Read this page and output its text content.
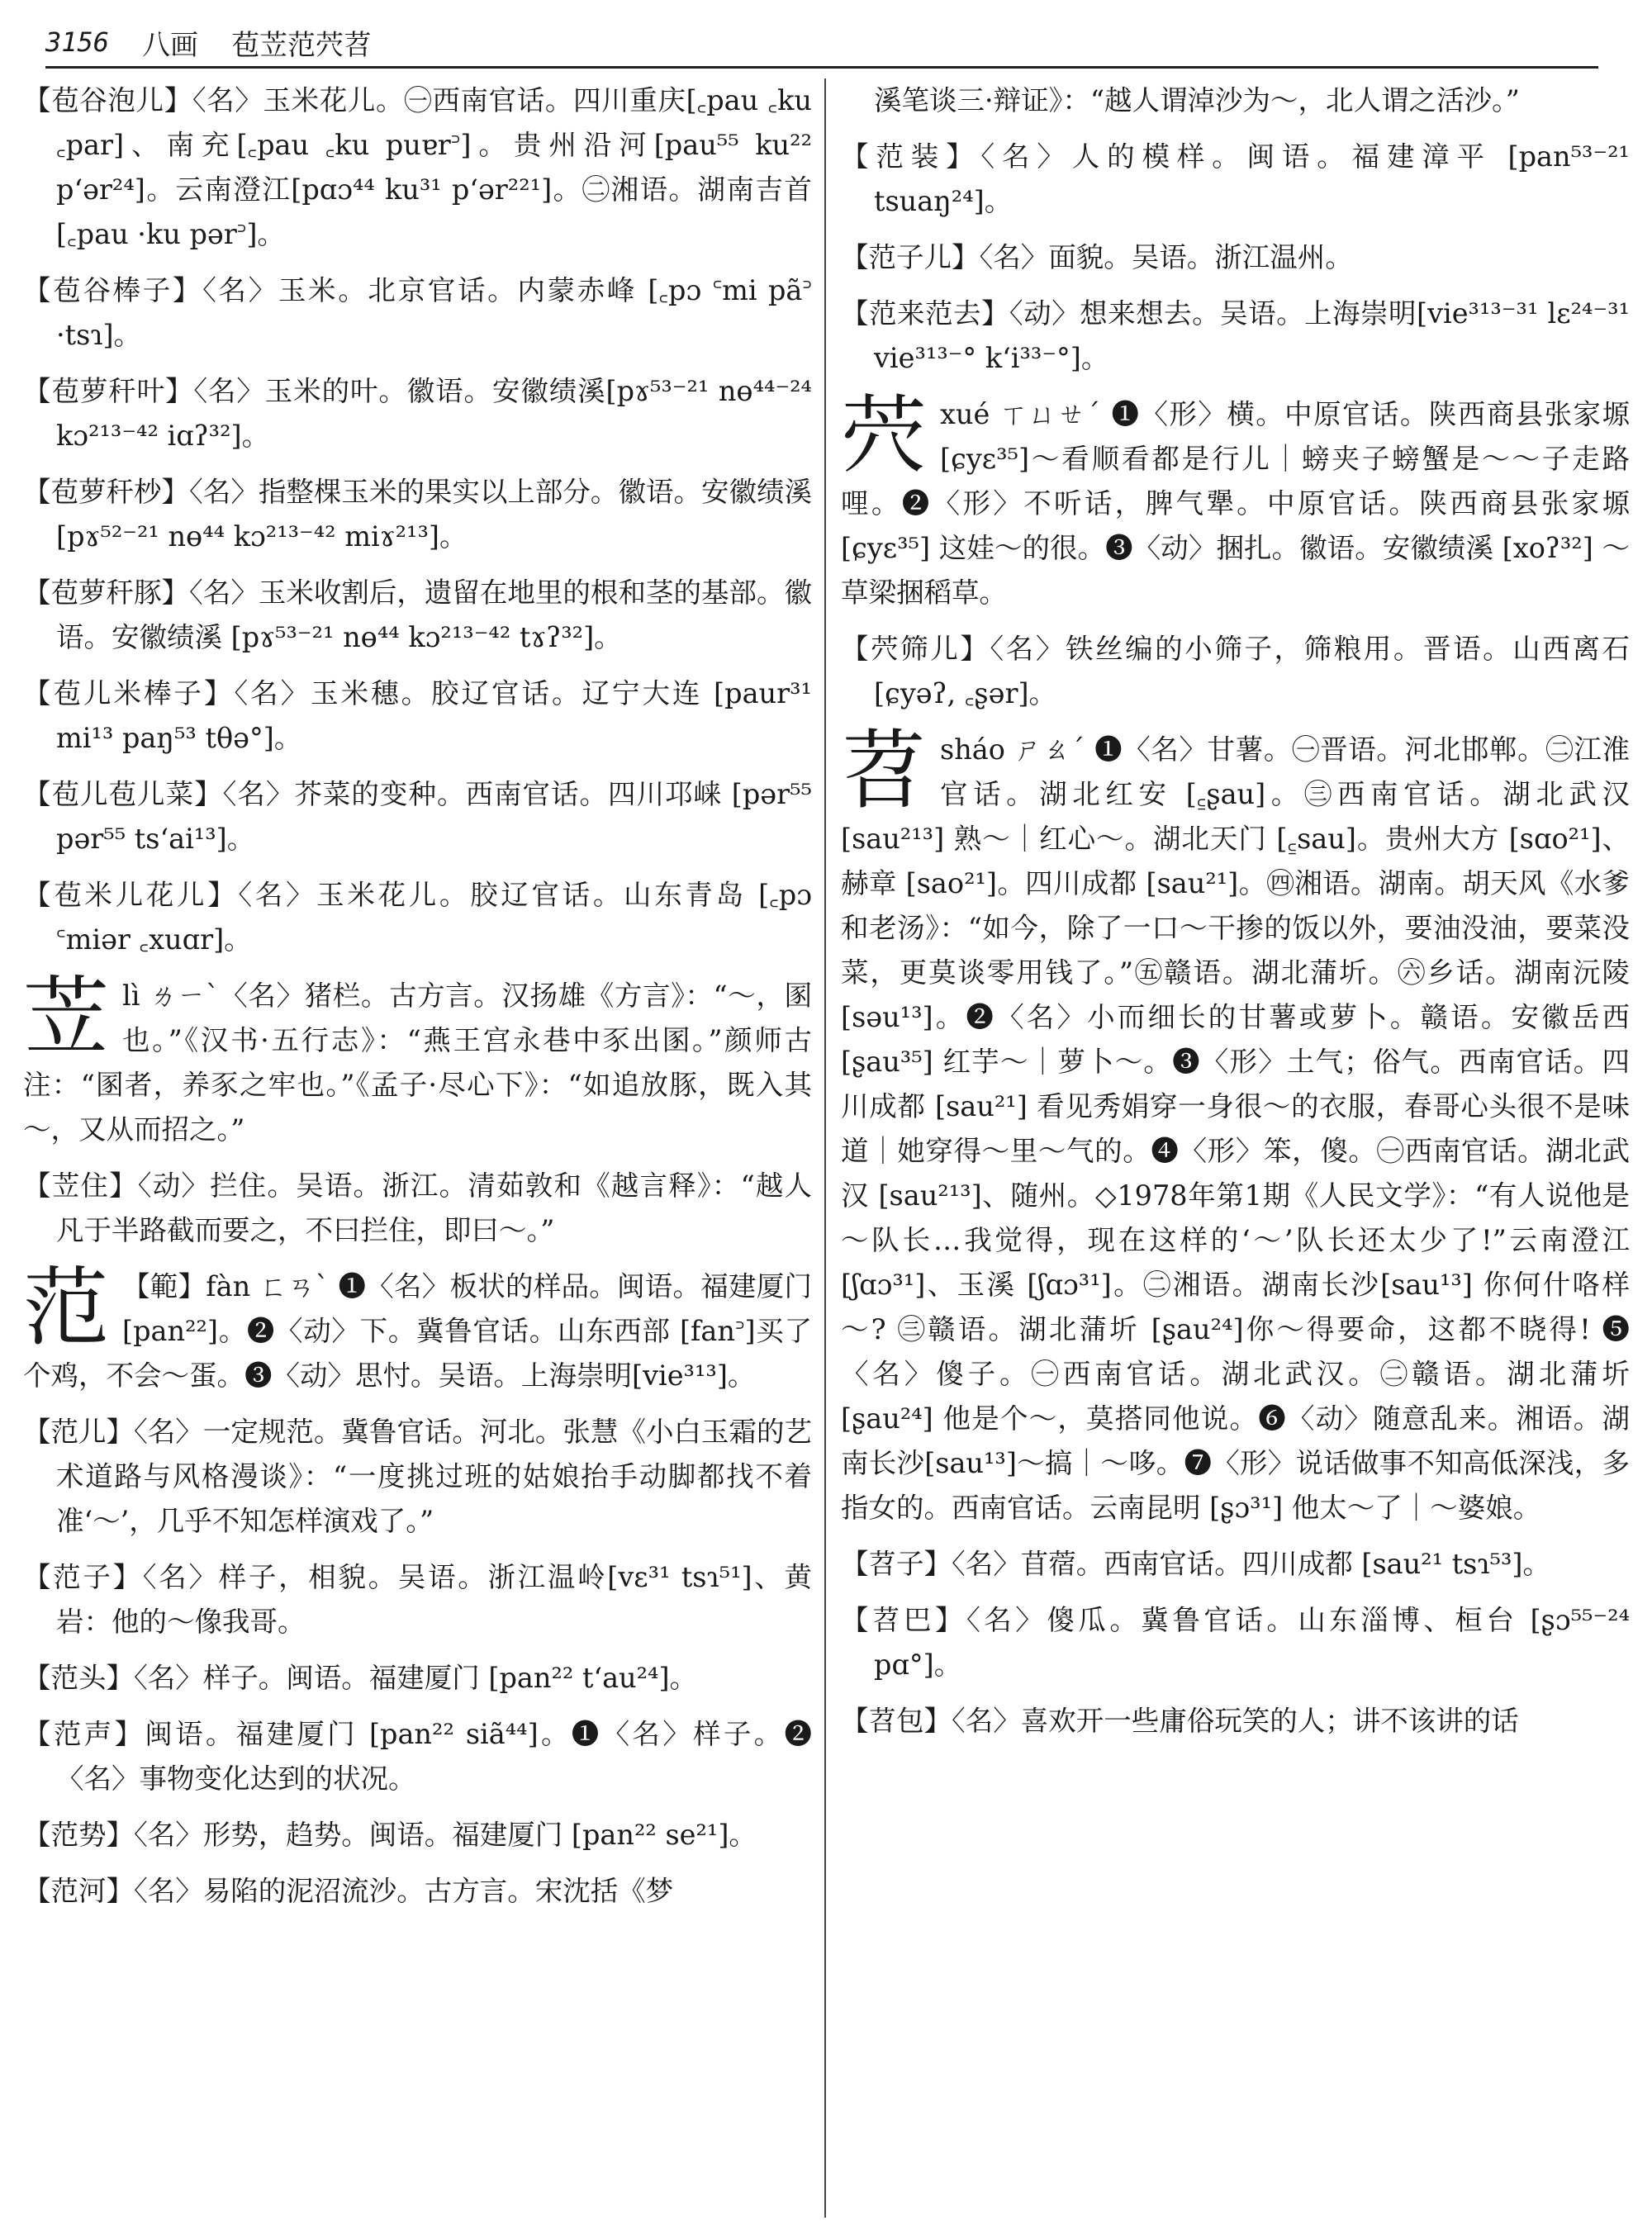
3156 八画 苞苙范茓苕
【苞谷泡儿】〈名〉玉米花儿。㊀西南官话。四川重庆[꜀pau ꜀ku ꜀par]、南充[꜀pau ꜀ku puɐr꜄]。贵州沿河[pau⁵⁵ ku²² pʻər²⁴]。云南澄江[pɑɔ⁴⁴ ku³¹ pʻər²²¹]。㊁湘语。湖南吉首 [꜀pau ·ku pər꜄]。
【苞谷棒子】〈名〉玉米。北京官话。内蒙赤峰 [꜀pɔ ꜂mi pã꜄ ·tsɿ]。
【苞萝秆叶】〈名〉玉米的叶。徽语。安徽绩溪[pɤ⁵³⁻²¹ nɵ⁴⁴⁻²⁴ kɔ²¹³⁻⁴² iɑʔ³²]。
【苞萝秆杪】〈名〉指整棵玉米的果实以上部分。徽语。安徽绩溪 [pɤ⁵²⁻²¹ nɵ⁴⁴ kɔ²¹³⁻⁴² miɤ²¹³]。
【苞萝秆豚】〈名〉玉米收割后，遗留在地里的根和茎的基部。徽语。安徽绩溪 [pɤ⁵³⁻²¹ nɵ⁴⁴ kɔ²¹³⁻⁴² tɤʔ³²]。
【苞儿米棒子】〈名〉玉米穗。胶辽官话。辽宁大连 [paur³¹ mi¹³ paŋ⁵³ tθə°]。
【苞儿苞儿菜】〈名〉芥菜的变种。西南官话。四川邛崃 [pər⁵⁵ pər⁵⁵ tsʻai¹³]。
【苞米儿花儿】〈名〉玉米花儿。胶辽官话。山东青岛 [꜀pɔ ꜂miər ꜀xuɑr]。
苙lì ㄌㄧˋ〈名〉猪栏。古方言。汉扬雄《方言》：“～，圂也。”《汉书·五行志》：“燕王宫永巷中豕出圂。”颜师古注：“圂者，养豕之牢也。”《孟子·尽心下》：“如追放豚，既入其～，又从而招之。”
【苙住】〈动〉拦住。吴语。浙江。清茹敦和《越言释》：“越人凡于半路截而要之，不曰拦住，即曰～。”
范 【範】fàn ㄈㄢˋ ❶〈名〉板状的样品。闽语。福建厦门[pan²²]。❷〈动〉下。冀鲁官话。山东西部 [fan꜄]买了个鸡，不会～蛋。❸〈动〉思忖。吴语。上海崇明[vie³¹³]。
【范儿】〈名〉一定规范。冀鲁官话。河北。张慧《小白玉霜的艺术道路与风格漫谈》：“一度挑过班的姑娘抬手动脚都找不着准‘～’，几乎不知怎样演戏了。”
【范子】〈名〉样子，相貌。吴语。浙江温岭[vɛ³¹ tsɿ⁵¹]、黄岩：他的～像我哥。
【范头】〈名〉样子。闽语。福建厦门 [pan²² tʻau²⁴]。
【范声】闽语。福建厦门 [pan²² siã⁴⁴]。❶〈名〉样子。❷〈名〉事物变化达到的状况。
【范势】〈名〉形势，趋势。闽语。福建厦门 [pan²² se²¹]。
【范河】〈名〉易陷的泥沼流沙。古方言。宋沈括《梦
溪笔谈三·辩证》：“越人谓淖沙为～，北人谓之活沙。”
【范装】〈名〉人的模样。闽语。福建漳平 [pan⁵³⁻²¹ tsuaŋ²⁴]。
【范子儿】〈名〉面貌。吴语。浙江温州。
【范来范去】〈动〉想来想去。吴语。上海崇明[vie³¹³⁻³¹ lɛ²⁴⁻³¹ vie³¹³⁻° kʻi³³⁻°]。
茓xué ㄒㄩㄝˊ ❶〈形〉横。中原官话。陕西商县张家塬[ɕyɛ³⁵]～看顺看都是行儿｜螃夹子螃蟹是～～子走路哩。❷〈形〉不听话，脾气犟。中原官话。陕西商县张家塬 [ɕyɛ³⁵] 这娃～的很。❸〈动〉捆扎。徽语。安徽绩溪 [xoʔ³²] ～草梁捆稻草。
【茓筛儿】〈名〉铁丝编的小筛子，筛粮用。晋语。山西离石 [ɕyəʔ, ꜀ʂər]。
苕sháo ㄕㄠˊ ❶〈名〉甘薯。㊀晋语。河北邯郸。㊁江淮官话。湖北红安 [꜁ʂau]。㊂西南官话。湖北武汉[sau²¹³] 熟～｜红心～。湖北天门 [꜁sau]。贵州大方 [sɑo²¹]、赫章 [sao²¹]。四川成都 [sau²¹]。㊃湘语。湖南。胡天风《水爹和老汤》：“如今，除了一口～干掺的饭以外，要油没油，要菜没菜，更莫谈零用钱了。”㊄赣语。湖北蒲圻。㊅乡话。湖南沅陵[səu¹³]。❷〈名〉小而细长的甘薯或萝卜。赣语。安徽岳西 [ʂau³⁵] 红芋～｜萝卜～。❸〈形〉土气；俗气。西南官话。四川成都 [sau²¹] 看见秀娟穿一身很～的衣服，春哥心头很不是味道｜她穿得～里～气的。❹〈形〉笨，傻。㊀西南官话。湖北武汉 [sau²¹³]、随州。◇1978年第1期《人民文学》：“有人说他是～队长…我觉得，现在这样的‘～’队长还太少了!”云南澄江 [ʃɑɔ³¹]、玉溪 [ʃɑɔ³¹]。㊁湘语。湖南长沙[sau¹³] 你何什咯样～? ㊂赣语。湖北蒲圻 [ʂau²⁴]你～得要命，这都不晓得! ❺〈名〉傻子。㊀西南官话。湖北武汉。㊁赣语。湖北蒲圻 [ʂau²⁴] 他是个～，莫搭同他说。❻〈动〉随意乱来。湘语。湖南长沙[sau¹³]～搞｜～哆。❼〈形〉说话做事不知高低深浅，多指女的。西南官话。云南昆明 [ʂɔ³¹] 他太～了｜～婆娘。
【苕子】〈名〉苜蓿。西南官话。四川成都 [sau²¹ tsɿ⁵³]。
【苕巴】〈名〉傻瓜。冀鲁官话。山东淄博、桓台 [ʂɔ⁵⁵⁻²⁴ pɑ°]。
【苕包】〈名〉喜欢开一些庸俗玩笑的人；讲不该讲的话
